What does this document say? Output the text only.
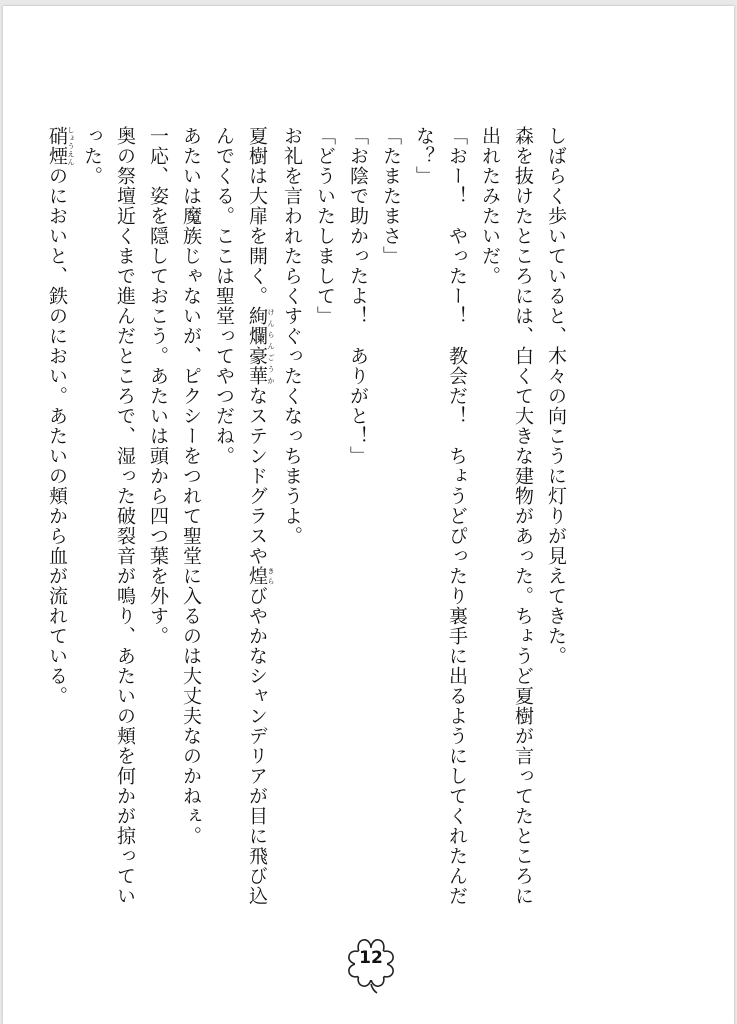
しばらく歩いていると、木々の向こうに灯りが見えてきた。

森を抜けたところには、白くて大きな建物があった。ちょうど夏樹が言ってたところに出れたみたいだ。

「おー！　やったー！　教会だ！　ちょうどぴったり裏手に出るようにしてくれたんだな？」

「たまたまさ」

「お陰で助かったよ！　ありがと！」

「どういたしまして」

お礼を言われたらくすぐったくなっちまうよ。

夏樹は大扉を開く。絢爛豪華 けんらんごうかなステンドグラスや煌 きらびやかなシャンデリアが目に飛び込んでくる。ここは聖堂ってやつだね。

あたいは魔族じゃないが、ピクシーをつれて聖堂に入るのは大丈夫なのかねぇ。

一応、姿を隠しておこう。あたいは頭から四つ葉を外す。

奥の祭壇近くまで進んだところで、湿った破裂音が鳴り、あたいの頬を何かが掠っていった。

硝煙 しょうえんのにおいと、鉄のにおい。あたいの頬から血が流れている。

12
